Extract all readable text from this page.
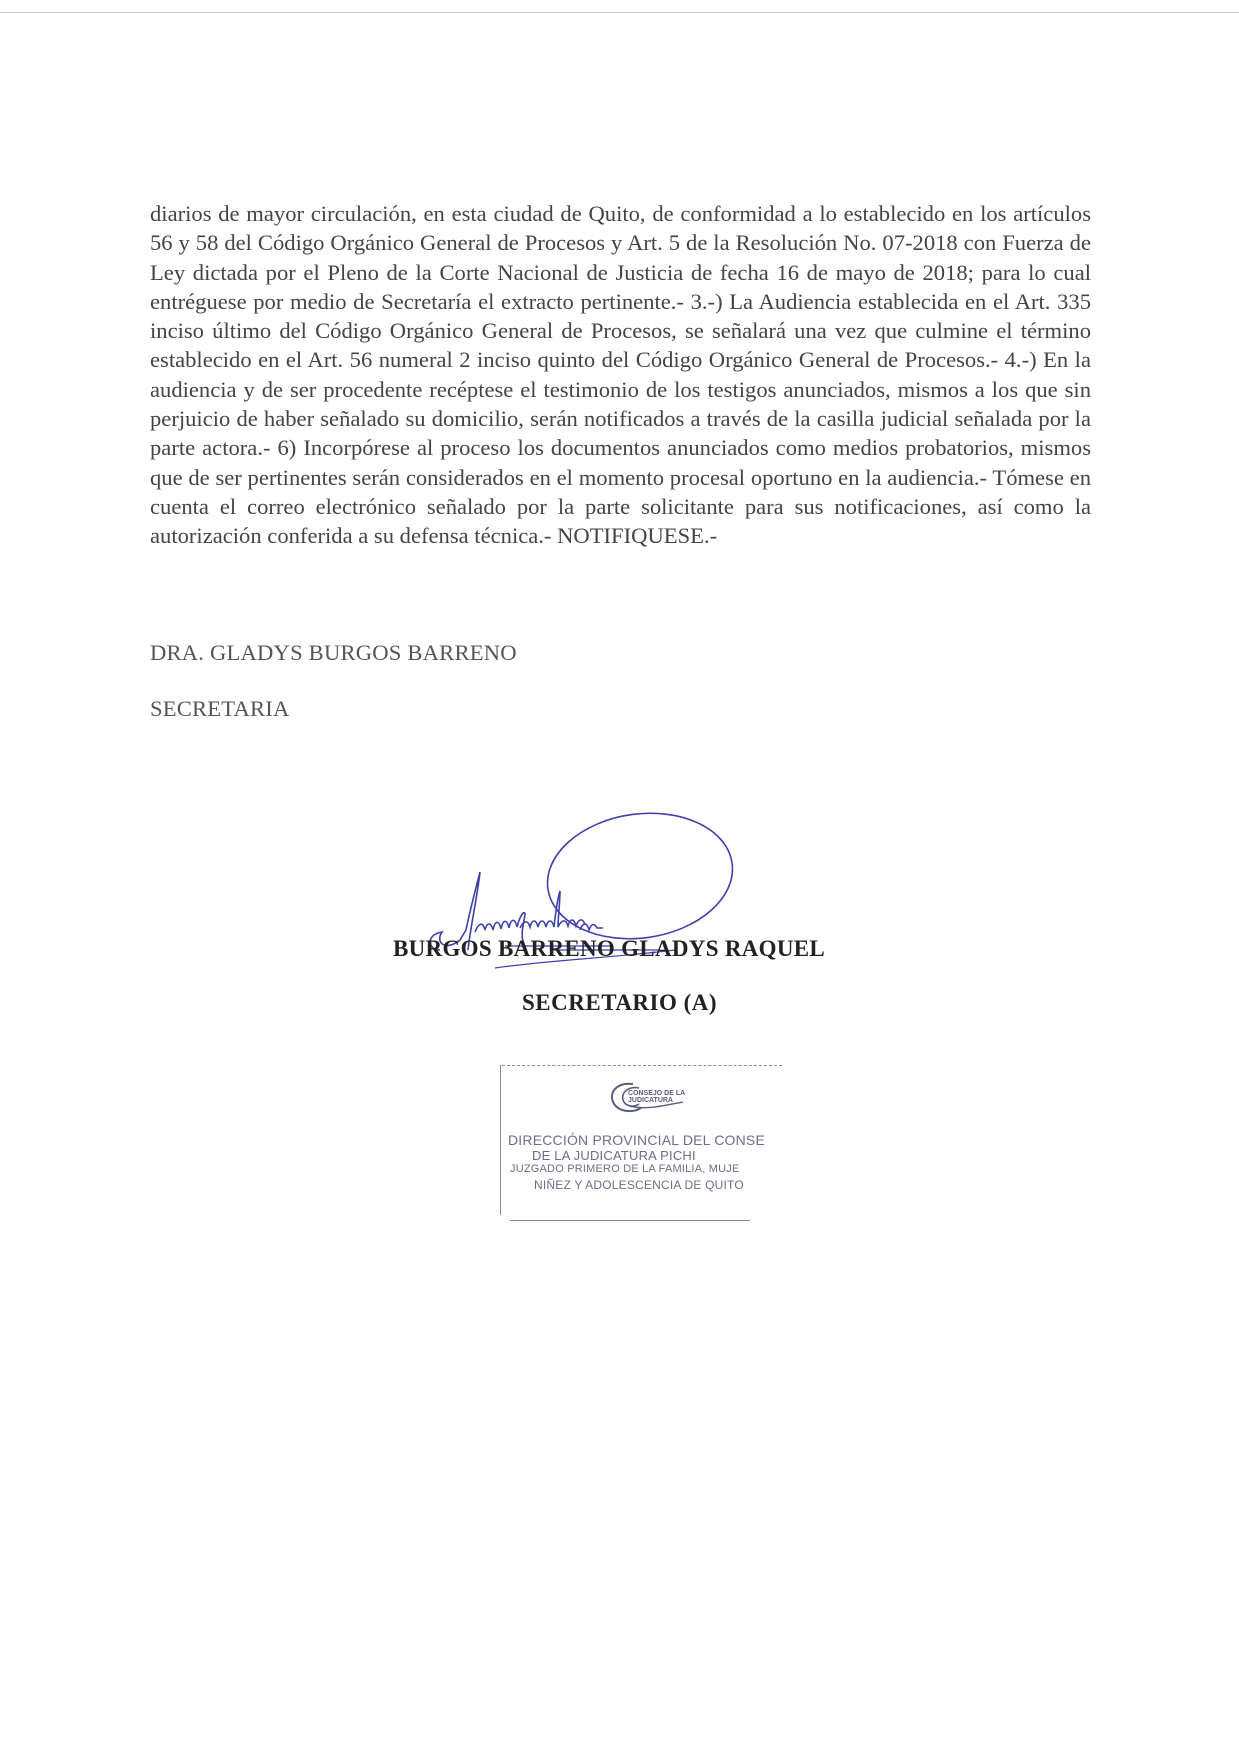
diarios de mayor circulación, en esta ciudad de Quito, de conformidad a lo establecido en los artículos 56 y 58 del Código Orgánico General de Procesos y Art. 5 de la Resolución No. 07-2018 con Fuerza de Ley dictada por el Pleno de la Corte Nacional de Justicia de fecha 16 de mayo de 2018; para lo cual entréguese por medio de Secretaría el extracto pertinente.- 3.-) La Audiencia establecida en el Art. 335 inciso último del Código Orgánico General de Procesos, se señalará una vez que culmine el término establecido en el Art. 56 numeral 2 inciso quinto del Código Orgánico General de Procesos.- 4.-) En la audiencia y de ser procedente recéptese el testimonio de los testigos anunciados, mismos a los que sin perjuicio de haber señalado su domicilio, serán notificados a través de la casilla judicial señalada por la parte actora.- 6) Incorpórese al proceso los documentos anunciados como medios probatorios, mismos que de ser pertinentes serán considerados en el momento procesal oportuno en la audiencia.- Tómese en cuenta el correo electrónico señalado por la parte solicitante para sus notificaciones, así como la autorización conferida a su defensa técnica.- NOTIFIQUESE.-

DRA. GLADYS BURGOS BARRENO
SECRETARIA
BURGOS BARRENO GLADYS RAQUEL
SECRETARIO (A)
CONSEJO DE LA
JUDICATURA
DIRECCIÓN PROVINCIAL DEL CONSE
DE LA JUDICATURA PICHI
JUZGADO PRIMERO DE LA FAMILIA, MUJE
NIÑEZ Y ADOLESCENCIA DE QUITO
